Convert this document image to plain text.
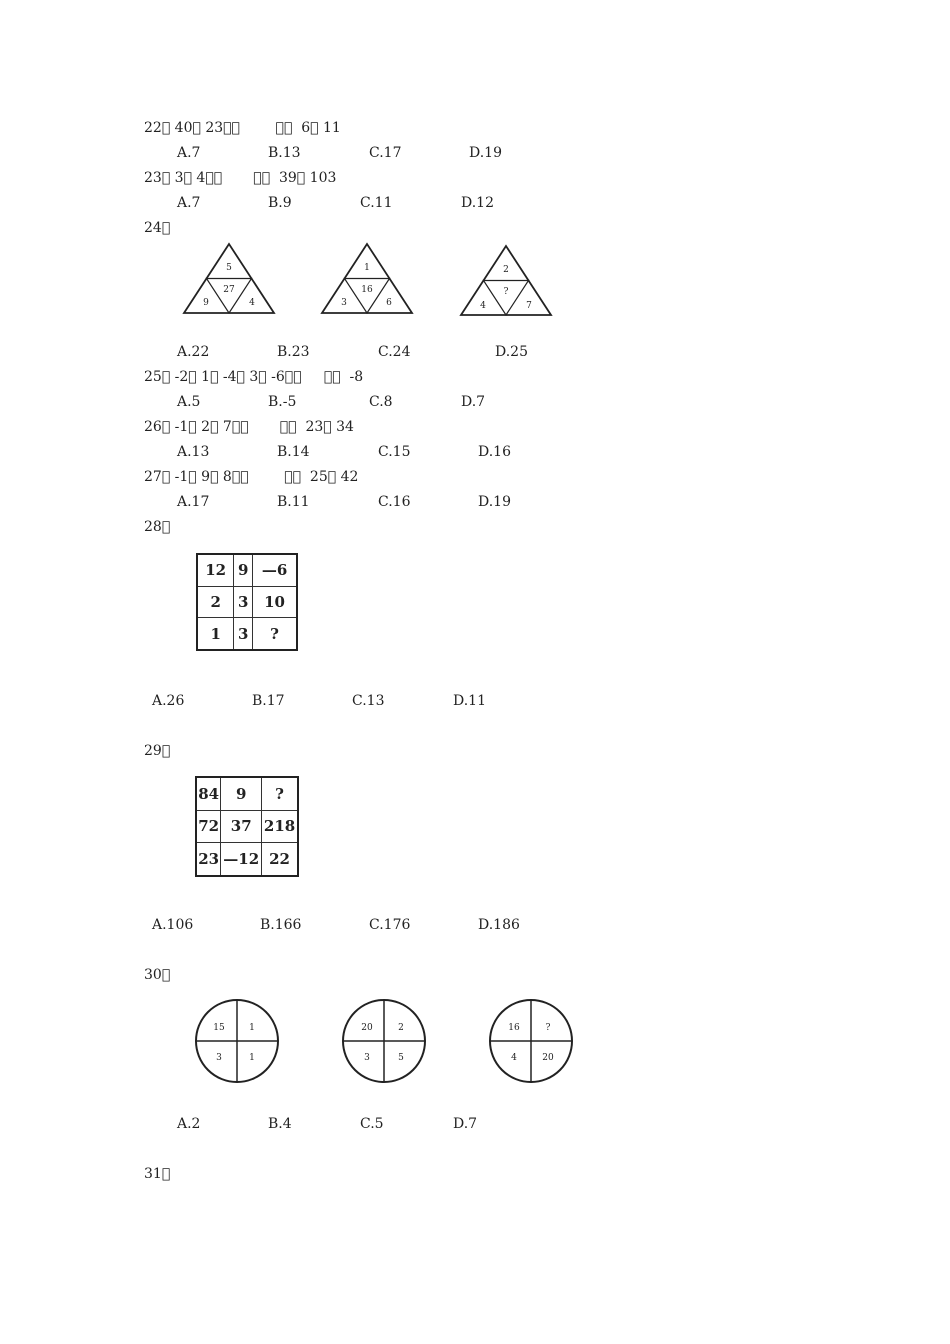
22  40  23              6  11
A.7	B.13	C.17	D.19
23  3  4             39  103
A.7	B.9	C.11	D.12
24 
5
27
9	4
1
16
3	6
2
?
4	7
A.22	B.23	C.24	D.25
25  -2  1  -4  3  -6           -8
A.5	B.-5	C.8	D.7
26  -1  2  7             23  34
A.13	B.14	C.15	D.16
27  -1  9  8              25  42
A.17	B.11	C.16	D.19
28 
12	9	—6
2	3	10
1	3	?
A.26	B.17	C.13	D.11
29 
84	9	?
72	37	218
23	—12	22
A.106	B.166	C.176	D.186
30 
15	1
3	1
20	2
3	5
16	?
4	20
A.2	B.4	C.5	D.7
31 
